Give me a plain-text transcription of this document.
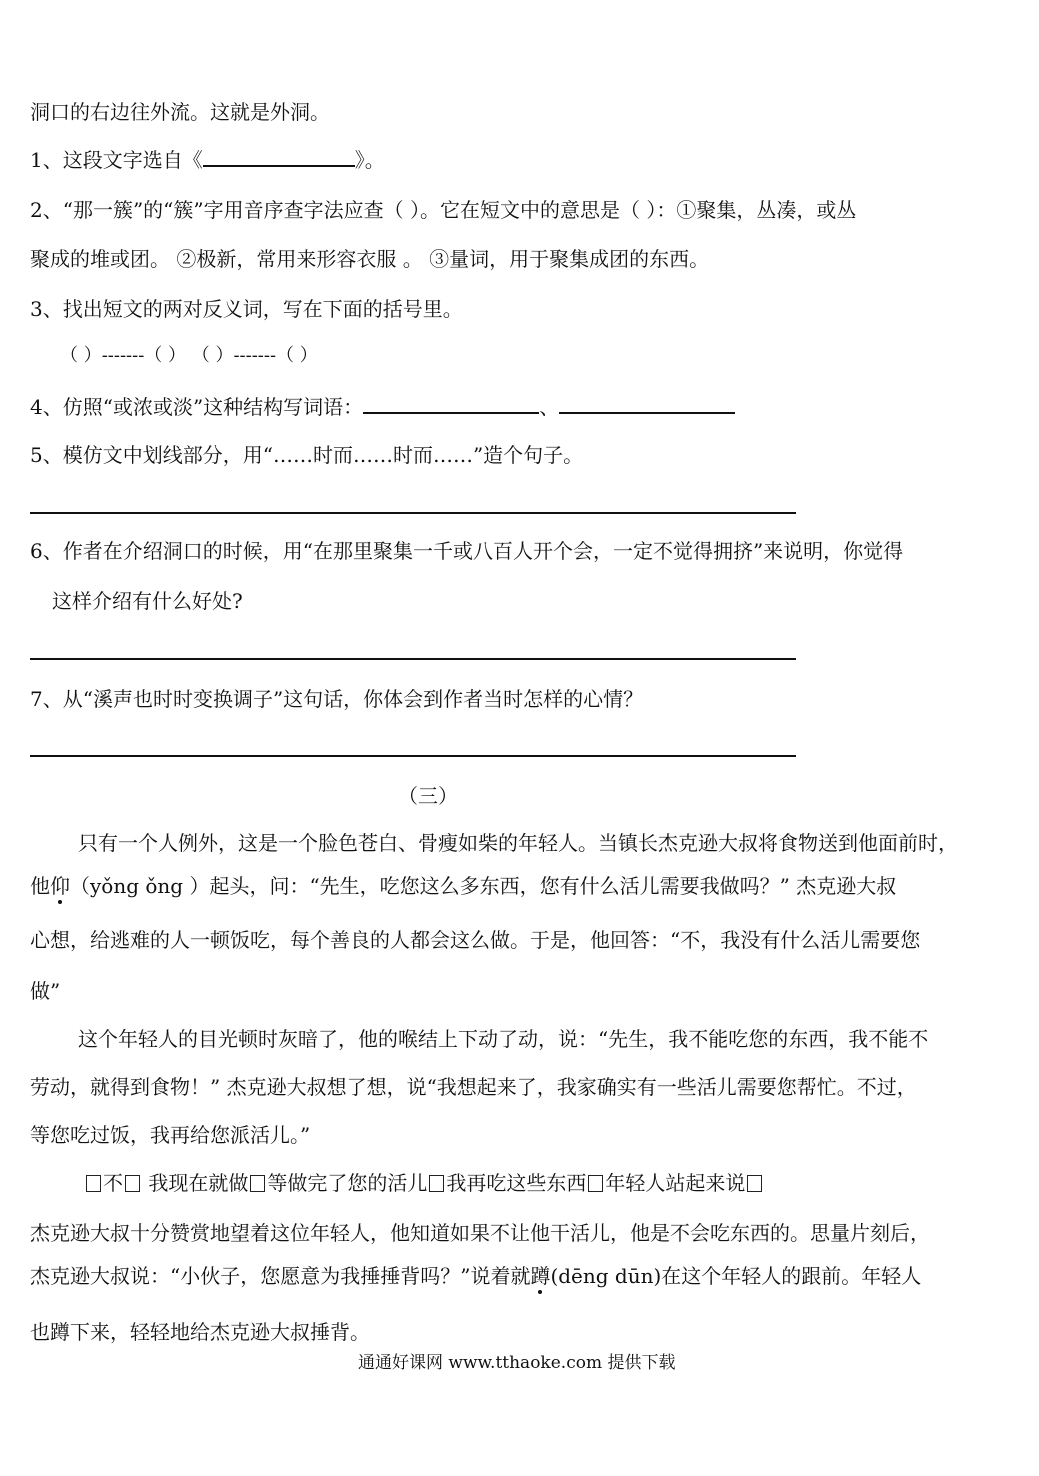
洞口的右边往外流。这就是外洞。
1、这段文字选自《	》。
2、“那一簇”的“簇”字用音序查字法应查（ ）。它在短文中的意思是（ ）：①聚集，丛凑，或丛
聚成的堆或团。 ②极新，常用来形容衣服 。 ③量词，用于聚集成团的东西。
3、找出短文的两对反义词，写在下面的括号里。
（ ）-------（ ） （ ）-------（ ）
4、仿照“或浓或淡”这种结构写词语：	、
5、模仿文中划线部分，用“……时而……时而……”造个句子。
6、作者在介绍洞口的时候，用“在那里聚集一千或八百人开个会，一定不觉得拥挤”来说明，你觉得
这样介绍有什么好处?
7、从“溪声也时时变换调子”这句话，你体会到作者当时怎样的心情？
（三）
只有一个人例外，这是一个脸色苍白、骨瘦如柴的年轻人。当镇长杰克逊大叔将食物送到他面前时，
他仰（yǒng ǒng ）起头，问：“先生，吃您这么多东西，您有什么活儿需要我做吗？” 杰克逊大叔
心想，给逃难的人一顿饭吃，每个善良的人都会这么做。于是，他回答：“不，我没有什么活儿需要您
做”
这个年轻人的目光顿时灰暗了，他的喉结上下动了动，说：“先生，我不能吃您的东西，我不能不
劳动，就得到食物！” 杰克逊大叔想了想，说“我想起来了，我家确实有一些活儿需要您帮忙。不过，
等您吃过饭，我再给您派活儿。”
不 我现在就做 等做完了您的活儿 我再吃这些东西 年轻人站起来说
杰克逊大叔十分赞赏地望着这位年轻人，他知道如果不让他干活儿，他是不会吃东西的。思量片刻后，
杰克逊大叔说：“小伙子，您愿意为我捶捶背吗？”说着就蹲(dēng dūn)在这个年轻人的跟前。年轻人
也蹲下来，轻轻地给杰克逊大叔捶背。
通通好课网 www.tthaoke.com 提供下载
